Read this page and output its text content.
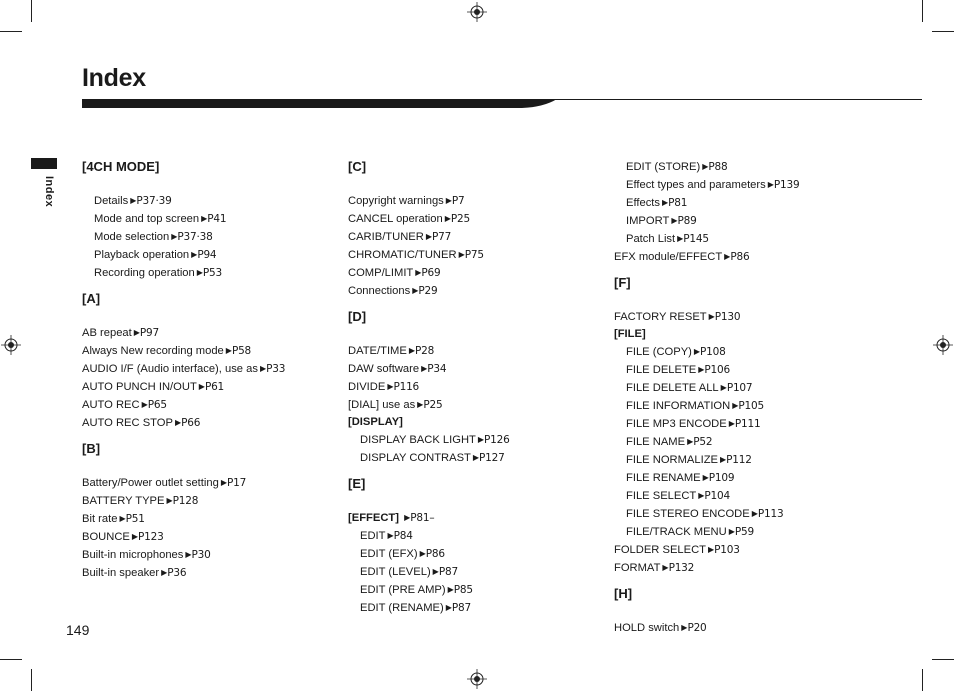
Index
Index
[4CH MODE]
Details ▶P37·39
Mode and top screen ▶P41
Mode selection ▶P37·38
Playback operation ▶P94
Recording operation ▶P53
[A]
AB repeat ▶P97
Always New recording mode ▶P58
AUDIO I/F (Audio interface), use as ▶P33
AUTO PUNCH IN/OUT ▶P61
AUTO REC ▶P65
AUTO REC STOP ▶P66
[B]
Battery/Power outlet setting ▶P17
BATTERY TYPE ▶P128
Bit rate ▶P51
BOUNCE ▶P123
Built-in microphones ▶P30
Built-in speaker ▶P36
[C]
Copyright warnings ▶P7
CANCEL operation ▶P25
CARIB/TUNER ▶P77
CHROMATIC/TUNER ▶P75
COMP/LIMIT ▶P69
Connections ▶P29
[D]
DATE/TIME ▶P28
DAW software ▶P34
DIVIDE ▶P116
[DIAL] use as ▶P25
[DISPLAY]
DISPLAY BACK LIGHT ▶P126
DISPLAY CONTRAST ▶P127
[E]
[EFFECT] ▶P81–
EDIT ▶P84
EDIT (EFX) ▶P86
EDIT (LEVEL) ▶P87
EDIT (PRE AMP) ▶P85
EDIT (RENAME) ▶P87
EDIT (STORE) ▶P88
Effect types and parameters ▶P139
Effects ▶P81
IMPORT ▶P89
Patch List ▶P145
EFX module/EFFECT ▶P86
[F]
FACTORY RESET ▶P130
[FILE]
FILE (COPY) ▶P108
FILE DELETE ▶P106
FILE DELETE ALL ▶P107
FILE INFORMATION ▶P105
FILE MP3 ENCODE ▶P111
FILE NAME ▶P52
FILE NORMALIZE ▶P112
FILE RENAME ▶P109
FILE SELECT ▶P104
FILE STEREO ENCODE ▶P113
FILE/TRACK MENU ▶P59
FOLDER SELECT ▶P103
FORMAT ▶P132
[H]
HOLD switch ▶P20
149
